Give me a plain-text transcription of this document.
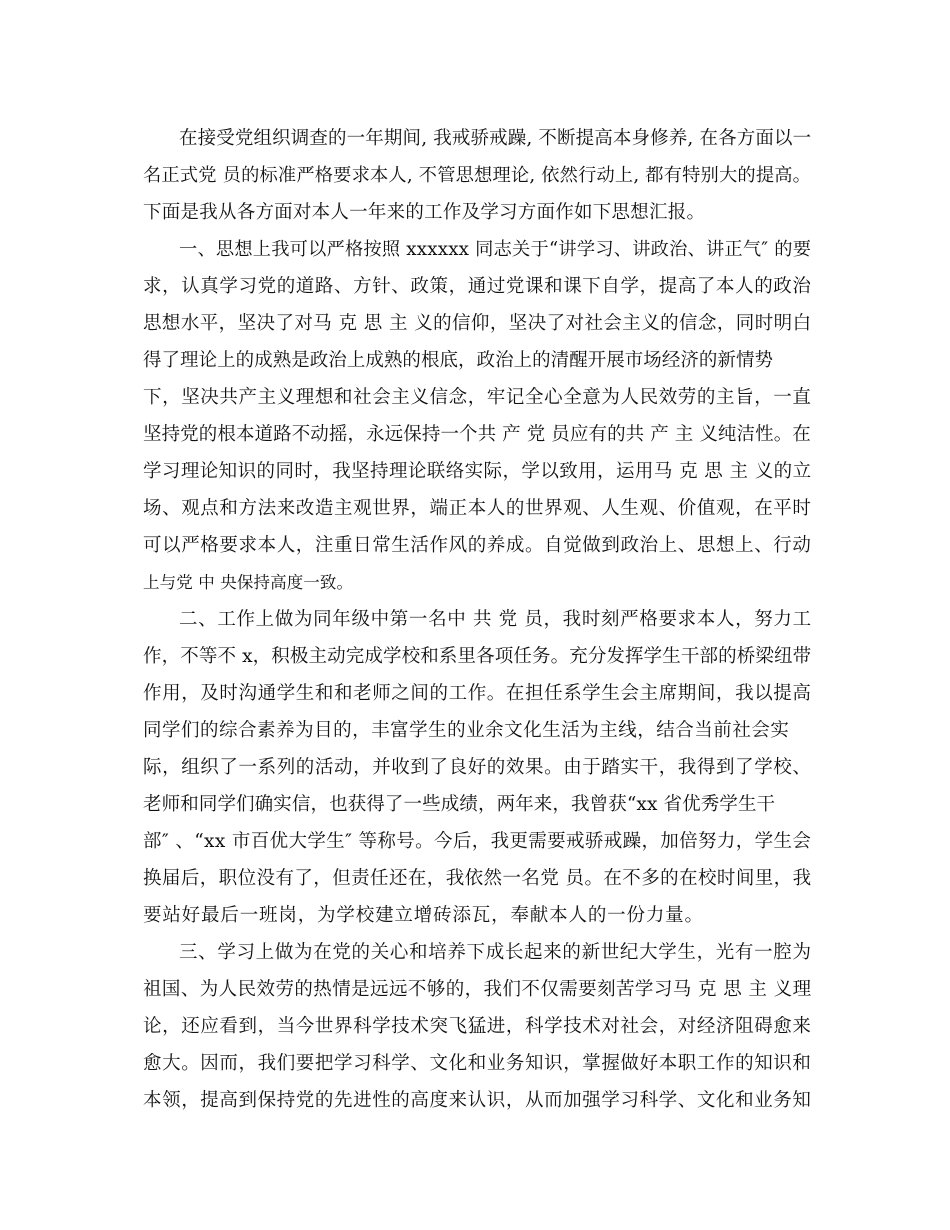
在接受党组织调查的一年期间, 我戒骄戒躁, 不断提高本身修养, 在各方面以一
名正式党 员的标准严格要求本人, 不管思想理论, 依然行动上, 都有特别大的提高。
下面是我从各方面对本人一年来的工作及学习方面作如下思想汇报。
一、思想上我可以严格按照 xxxxxx 同志关于“讲学习、讲政治、讲正气″ 的要
求，认真学习党的道路、方针、政策，通过党课和课下自学，提高了本人的政治
思想水平，坚决了对马 克 思 主 义的信仰，坚决了对社会主义的信念，同时明白
得了理论上的成熟是政治上成熟的根底，政治上的清醒开展市场经济的新情势
下，坚决共产主义理想和社会主义信念，牢记全心全意为人民效劳的主旨，一直
坚持党的根本道路不动摇，永远保持一个共 产 党 员应有的共 产 主 义纯洁性。在
学习理论知识的同时，我坚持理论联络实际，学以致用，运用马 克 思 主 义的立
场、观点和方法来改造主观世界，端正本人的世界观、人生观、价值观，在平时
可以严格要求本人，注重日常生活作风的养成。自觉做到政治上、思想上、行动
上与党 中 央保持高度一致。
二、工作上做为同年级中第一名中 共 党 员，我时刻严格要求本人，努力工
作，不等不 x，积极主动完成学校和系里各项任务。充分发挥学生干部的桥梁纽带
作用，及时沟通学生和和老师之间的工作。在担任系学生会主席期间，我以提高
同学们的综合素养为目的，丰富学生的业余文化生活为主线，结合当前社会实
际，组织了一系列的活动，并收到了良好的效果。由于踏实干，我得到了学校、
老师和同学们确实信，也获得了一些成绩，两年来，我曾获“xx 省优秀学生干
部″ 、“xx 市百优大学生″ 等称号。今后，我更需要戒骄戒躁，加倍努力，学生会
换届后，职位没有了，但责任还在，我依然一名党 员。在不多的在校时间里，我
要站好最后一班岗，为学校建立增砖添瓦，奉献本人的一份力量。
三、学习上做为在党的关心和培养下成长起来的新世纪大学生，光有一腔为
祖国、为人民效劳的热情是远远不够的，我们不仅需要刻苦学习马 克 思 主 义理
论，还应看到，当今世界科学技术突飞猛进，科学技术对社会，对经济阻碍愈来
愈大。因而，我们要把学习科学、文化和业务知识，掌握做好本职工作的知识和
本领，提高到保持党的先进性的高度来认识，从而加强学习科学、文化和业务知
